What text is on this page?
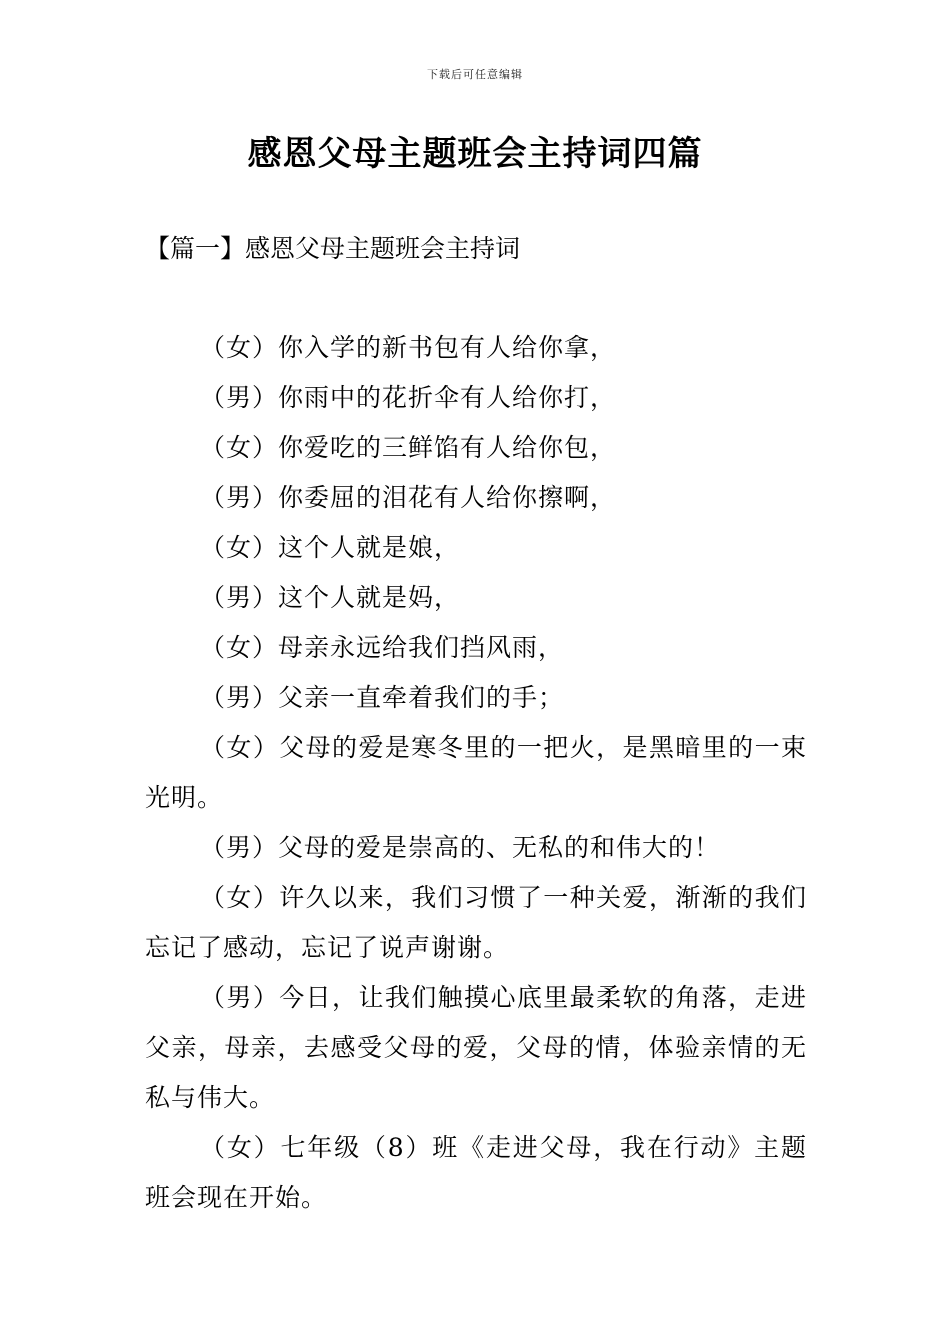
下载后可任意编辑
感恩父母主题班会主持词四篇
【篇一】感恩父母主题班会主持词

（女）你入学的新书包有人给你拿，

（男）你雨中的花折伞有人给你打，

（女）你爱吃的三鲜馅有人给你包，

（男）你委屈的泪花有人给你擦啊，

（女）这个人就是娘，

（男）这个人就是妈，

（女）母亲永远给我们挡风雨，

（男）父亲一直牵着我们的手；

（女）父母的爱是寒冬里的一把火，是黑暗里的一束光明。

（男）父母的爱是崇高的、无私的和伟大的！

（女）许久以来，我们习惯了一种关爱，渐渐的我们忘记了感动，忘记了说声谢谢。

（男）今日，让我们触摸心底里最柔软的角落，走进父亲，母亲，去感受父母的爱，父母的情，体验亲情的无私与伟大。

（女）七年级（8）班《走进父母，我在行动》主题班会现在开始。
